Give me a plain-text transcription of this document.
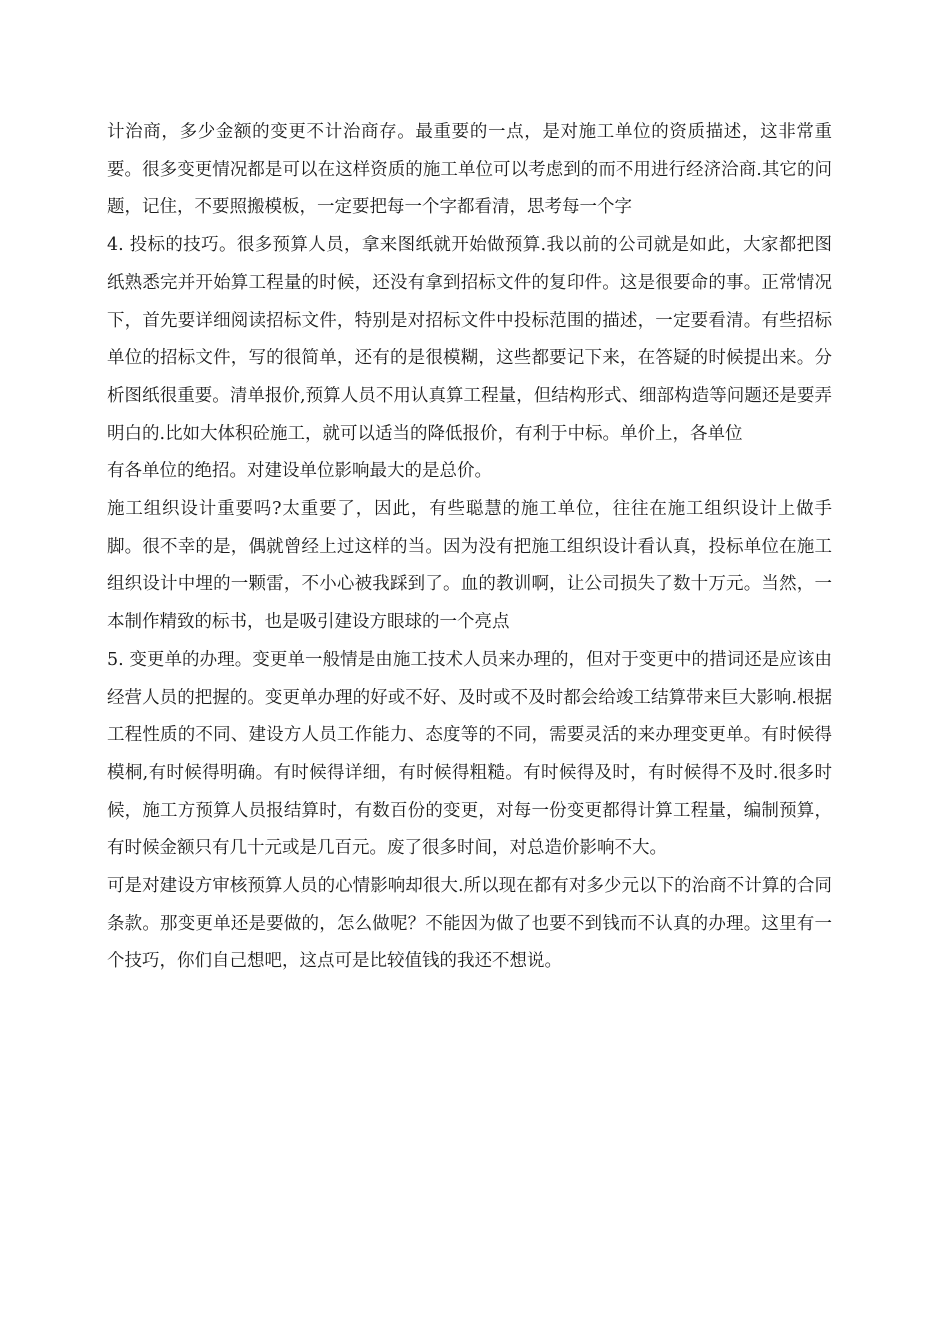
计治商，多少金额的变更不计治商存。最重要的一点，是对施工单位的资质描述，这非常重要。很多变更情况都是可以在这样资质的施工单位可以考虑到的而不用进行经济洽商.其它的问题，记住，不要照搬模板，一定要把每一个字都看清，思考每一个字

4. 投标的技巧。很多预算人员，拿来图纸就开始做预算.我以前的公司就是如此，大家都把图纸熟悉完并开始算工程量的时候，还没有拿到招标文件的复印件。这是很要命的事。正常情况下，首先要详细阅读招标文件，特别是对招标文件中投标范围的描述，一定要看清。有些招标单位的招标文件，写的很简单，还有的是很模糊，这些都要记下来，在答疑的时候提出来。分析图纸很重要。清单报价,预算人员不用认真算工程量，但结构形式、细部构造等问题还是要弄明白的.比如大体积砼施工，就可以适当的降低报价，有利于中标。单价上，各单位

有各单位的绝招。对建设单位影响最大的是总价。

施工组织设计重要吗?太重要了，因此，有些聪慧的施工单位，往往在施工组织设计上做手脚。很不幸的是，偶就曾经上过这样的当。因为没有把施工组织设计看认真，投标单位在施工组织设计中埋的一颗雷，不小心被我踩到了。血的教训啊，让公司损失了数十万元。当然，一本制作精致的标书，也是吸引建设方眼球的一个亮点

5. 变更单的办理。变更单一般情是由施工技术人员来办理的，但对于变更中的措词还是应该由经营人员的把握的。变更单办理的好或不好、及时或不及时都会给竣工结算带来巨大影响.根据工程性质的不同、建设方人员工作能力、态度等的不同，需要灵活的来办理变更单。有时候得模桐,有时候得明确。有时候得详细，有时候得粗糙。有时候得及时，有时候得不及时.很多时候，施工方预算人员报结算时，有数百份的变更，对每一份变更都得计算工程量，编制预算，有时候金额只有几十元或是几百元。废了很多时间，对总造价影响不大。

可是对建设方审核预算人员的心情影响却很大.所以现在都有对多少元以下的治商不计算的合同条款。那变更单还是要做的，怎么做呢？不能因为做了也要不到钱而不认真的办理。这里有一个技巧，你们自己想吧，这点可是比较值钱的我还不想说。
